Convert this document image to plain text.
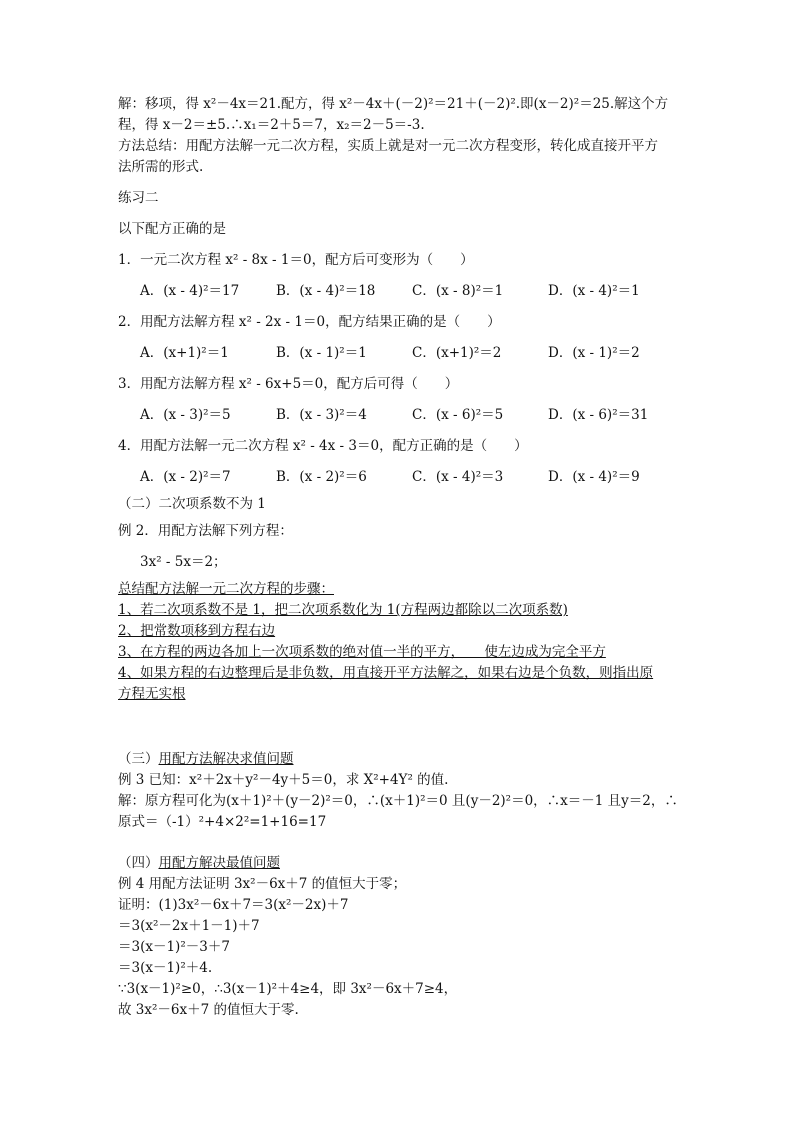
解：移项，得 x²－4x＝21.配方，得 x²－4x＋(－2)²＝21＋(－2)².即(x－2)²＝25.解这个方
程，得 x－2＝±5.∴x₁＝2＋5＝7，x₂＝2－5＝-3.
方法总结：用配方法解一元二次方程，实质上就是对一元二次方程变形，转化成直接开平方
法所需的形式.
练习二
以下配方正确的是
1．一元二次方程 x² - 8x - 1＝0，配方后可变形为（　　）
A．(x - 4)²＝17	B．(x - 4)²＝18	C．(x - 8)²＝1	D．(x - 4)²＝1
2．用配方法解方程 x² - 2x - 1＝0，配方结果正确的是（　　）
A．(x+1)²＝1	B．(x - 1)²＝1	C．(x+1)²＝2	D．(x - 1)²＝2
3．用配方法解方程 x² - 6x+5＝0，配方后可得（　　）
A．(x - 3)²＝5	B．(x - 3)²＝4	C．(x - 6)²＝5	D．(x - 6)²＝31
4．用配方法解一元二次方程 x² - 4x - 3＝0，配方正确的是（　　）
A．(x - 2)²＝7	B．(x - 2)²＝6	C．(x - 4)²＝3	D．(x - 4)²＝9
（二）二次项系数不为 1
例 2．用配方法解下列方程：
3x² - 5x＝2；
总结配方法解一元二次方程的步骤：
1、若二次项系数不是 1，把二次项系数化为 1(方程两边都除以二次项系数)
2、把常数项移到方程右边
3、在方程的两边各加上一次项系数的绝对值一半的平方，　　使左边成为完全平方
4、如果方程的右边整理后是非负数，用直接开平方法解之，如果右边是个负数，则指出原
方程无实根
（三）用配方法解决求值问题
例 3 已知：x²＋2x＋y²－4y＋5＝0，求 X²+4Y² 的值.
解：原方程可化为(x＋1)²＋(y－2)²＝0，∴(x＋1)²＝0 且(y－2)²＝0，∴x＝－1 且y＝2，∴
原式＝（-1）²+4×2²=1+16=17
（四）用配方解决最值问题
例 4 用配方法证明 3x²－6x＋7 的值恒大于零；
证明：(1)3x²－6x＋7＝3(x²－2x)＋7
＝3(x²－2x＋1－1)＋7
＝3(x－1)²－3＋7
＝3(x－1)²＋4.
∵3(x－1)²≥0，∴3(x－1)²＋4≥4，即 3x²－6x＋7≥4，
故 3x²－6x＋7 的值恒大于零.
